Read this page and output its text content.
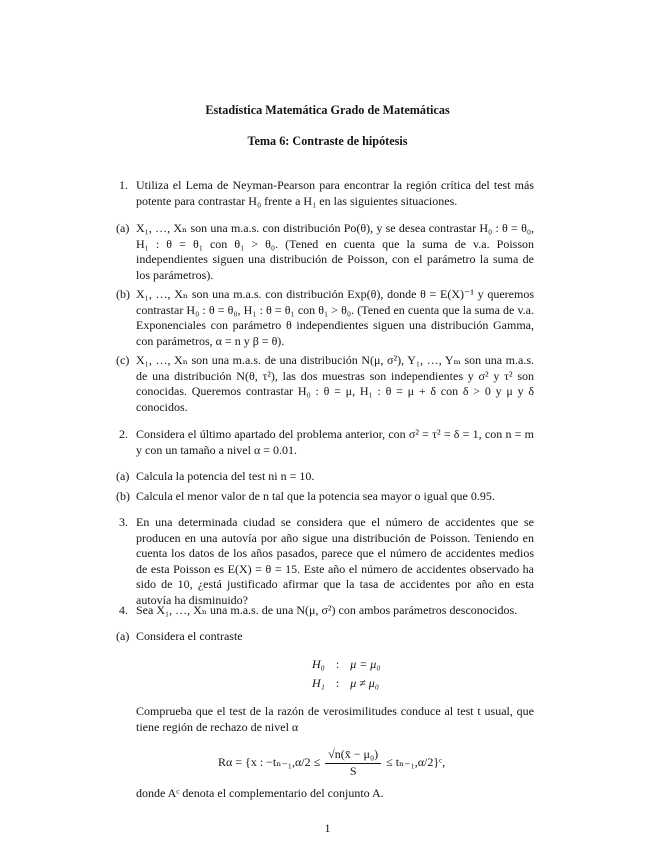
Estadística Matemática Grado de Matemáticas
Tema 6: Contraste de hipótesis
1. Utiliza el Lema de Neyman-Pearson para encontrar la región crítica del test más potente para contrastar H₀ frente a H₁ en las siguientes situaciones.
(a) X₁, …, Xₙ son una m.a.s. con distribución Po(θ), y se desea contrastar H₀ : θ = θ₀, H₁ : θ = θ₁ con θ₁ > θ₀. (Tened en cuenta que la suma de v.a. Poisson independientes siguen una distribución de Poisson, con el parámetro la suma de los parámetros).
(b) X₁, …, Xₙ son una m.a.s. con distribución Exp(θ), donde θ = E(X)⁻¹ y queremos contrastar H₀ : θ = θ₀, H₁ : θ = θ₁ con θ₁ > θ₀. (Tened en cuenta que la suma de v.a. Exponenciales con parámetro θ independientes siguen una distribución Gamma, con parámetros, α = n y β = θ).
(c) X₁, …, Xₙ son una m.a.s. de una distribución N(μ, σ²), Y₁, …, Yₘ son una m.a.s. de una distribución N(θ, τ²), las dos muestras son independientes y σ² y τ² son conocidas. Queremos contrastar H₀ : θ = μ, H₁ : θ = μ + δ con δ > 0 y μ y δ conocidos.
2. Considera el último apartado del problema anterior, con σ² = τ² = δ = 1, con n = m y con un tamaño a nivel α = 0.01.
(a) Calcula la potencia del test ni n = 10.
(b) Calcula el menor valor de n tal que la potencia sea mayor o igual que 0.95.
3. En una determinada ciudad se considera que el número de accidentes que se producen en una autovía por año sigue una distribución de Poisson. Teniendo en cuenta los datos de los años pasados, parece que el número de accidentes medios de esta Poisson es E(X) = θ = 15. Este año el número de accidentes observado ha sido de 10, ¿está justificado afirmar que la tasa de accidentes por año en esta autovía ha disminuido?
4. Sea X₁, …, Xₙ una m.a.s. de una N(μ, σ²) con ambos parámetros desconocidos.
(a) Considera el contraste
H₀ : μ = μ₀
H₁ : μ ≠ μ₀
Comprueba que el test de la razón de verosimilitudes conduce al test t usual, que tiene región de rechazo de nivel α
Rα = {x : $-t_{n-1},\alpha/2 \le \frac{\text{√n(x̄ − μ₀)}}{S}$ ≤ tₙ₋₁,α/2}ᶜ,
donde Aᶜ denota el complementario del conjunto A.
1
